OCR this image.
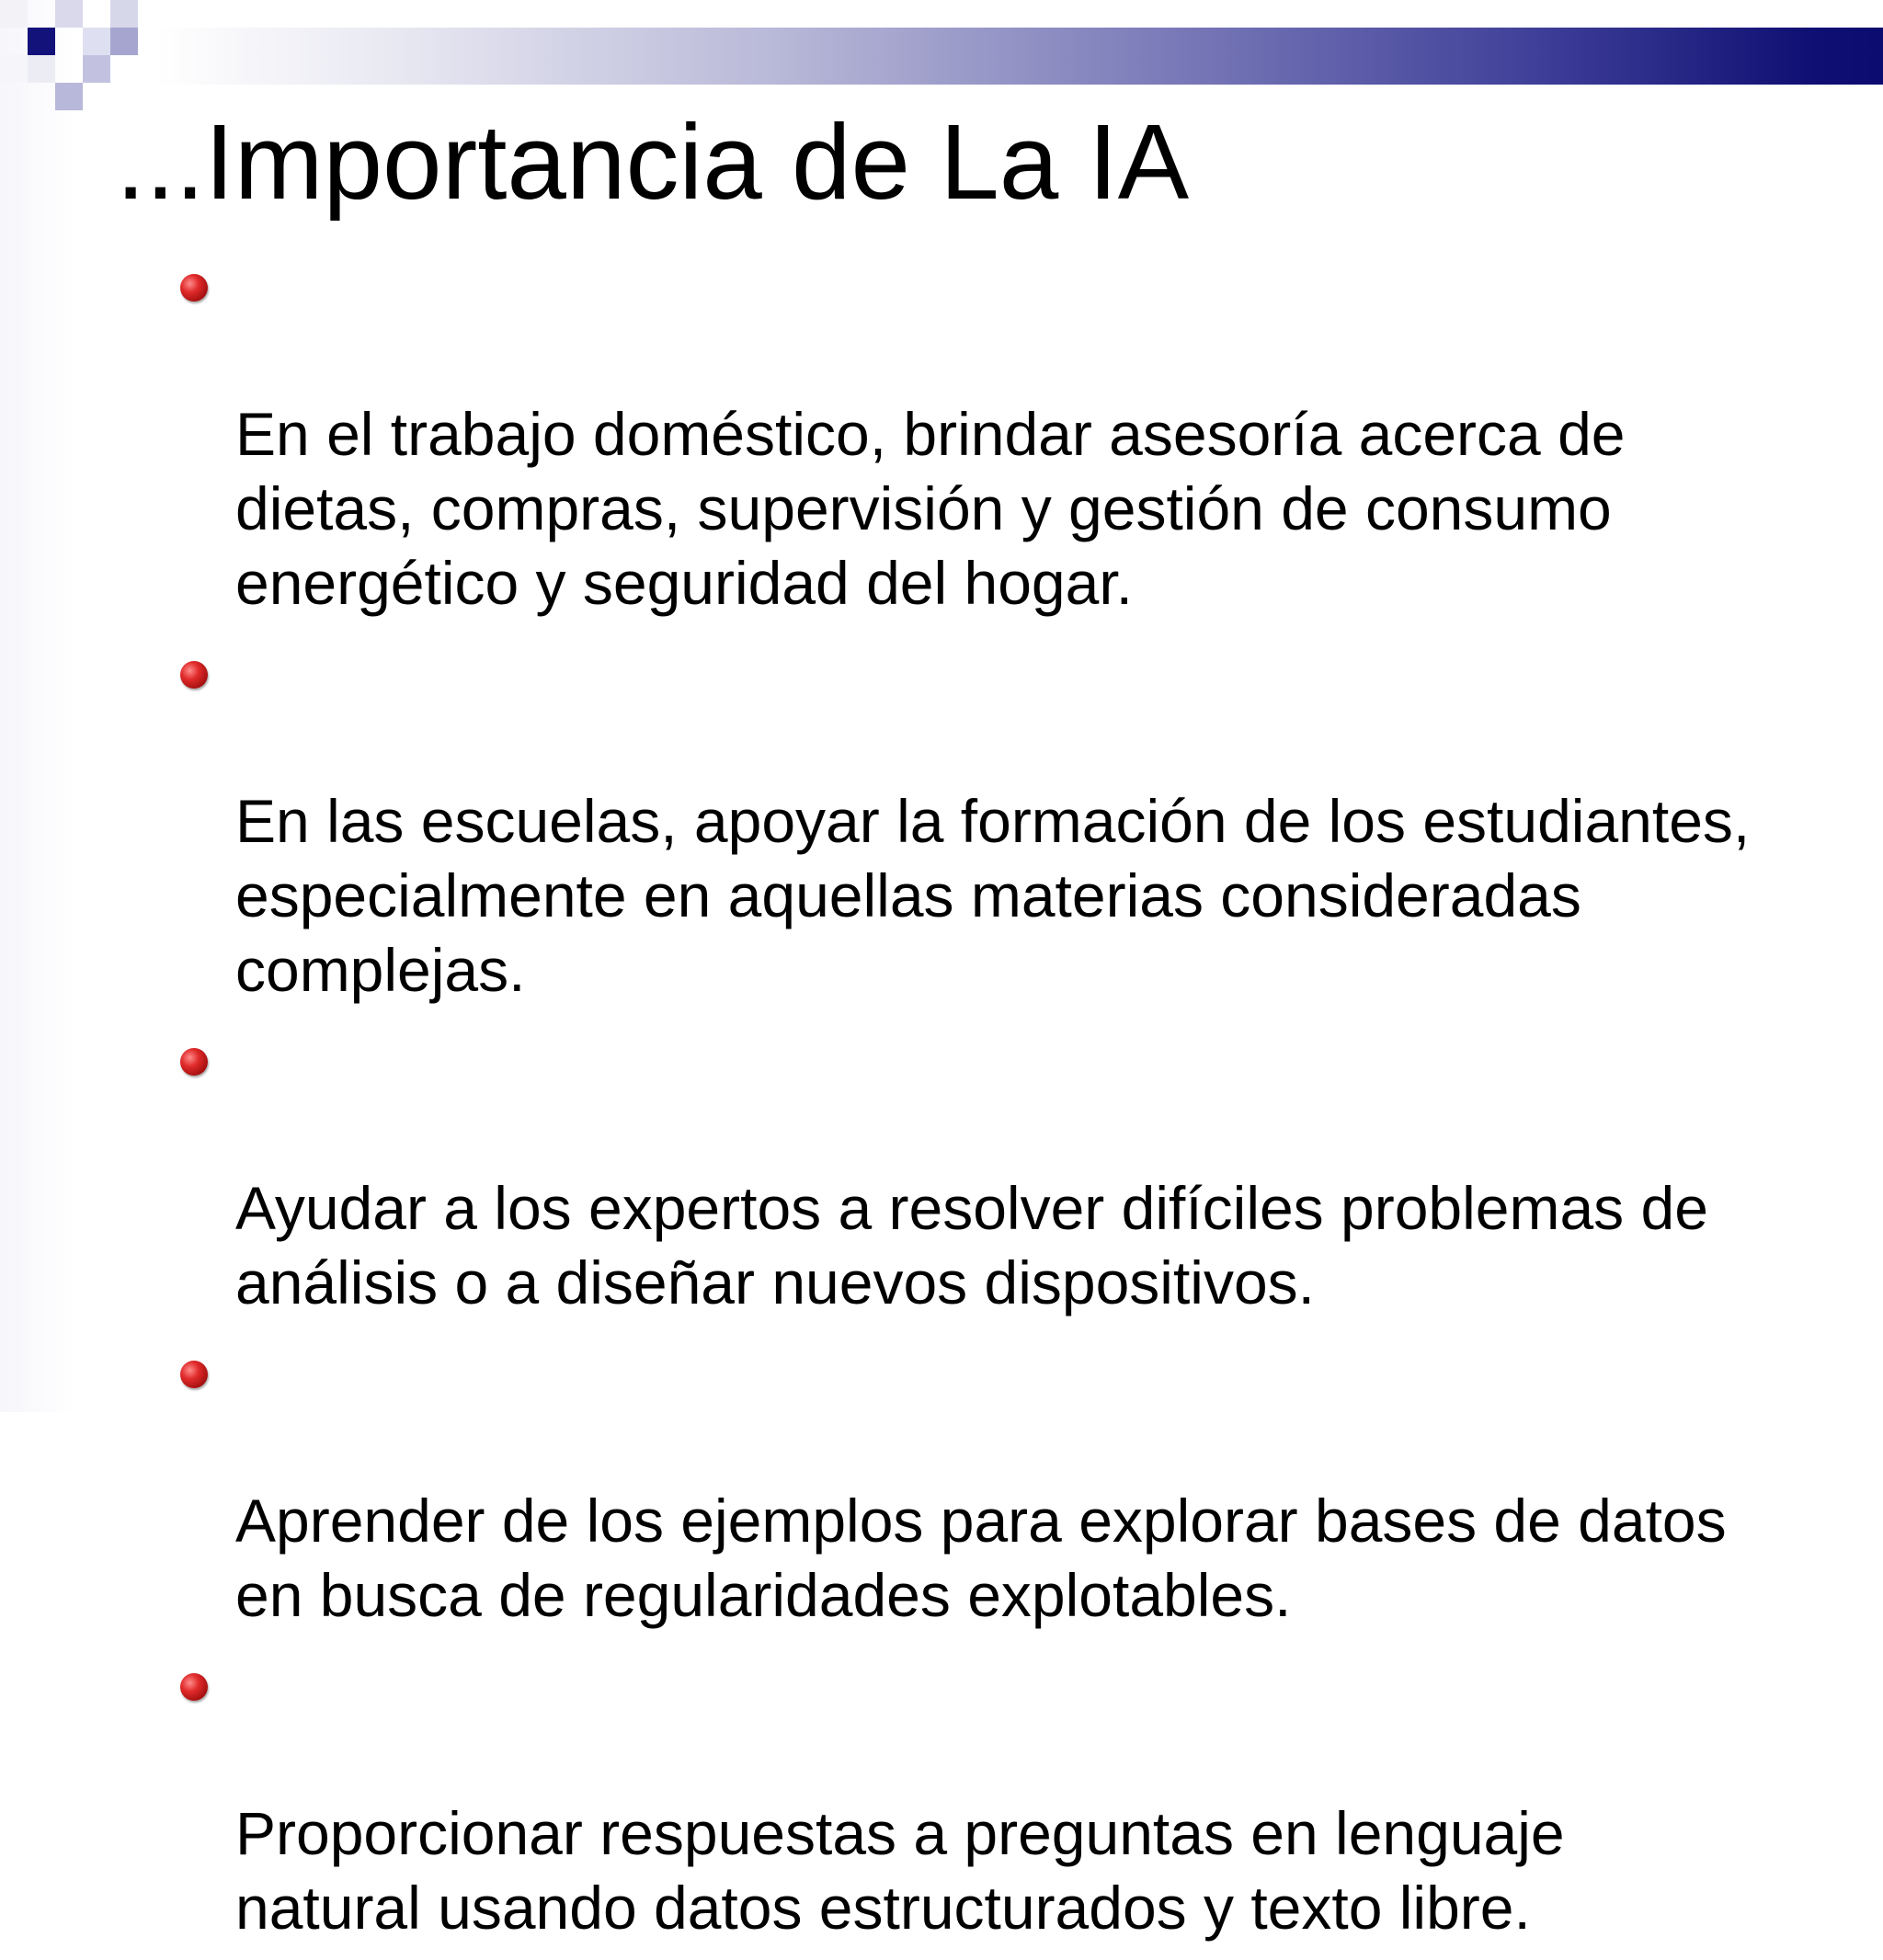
...Importancia de La IA

En el trabajo doméstico, brindar asesoría acerca de
dietas, compras, supervisión y gestión de consumo
energético y seguridad del hogar.

En las escuelas, apoyar la formación de los estudiantes,
especialmente en aquellas materias consideradas
complejas.

Ayudar a los expertos a resolver difíciles problemas de
análisis o a diseñar nuevos dispositivos.

Aprender de los ejemplos para explorar bases de datos
en busca de regularidades explotables.

Proporcionar respuestas a preguntas en lenguaje
natural usando datos estructurados y texto libre.
